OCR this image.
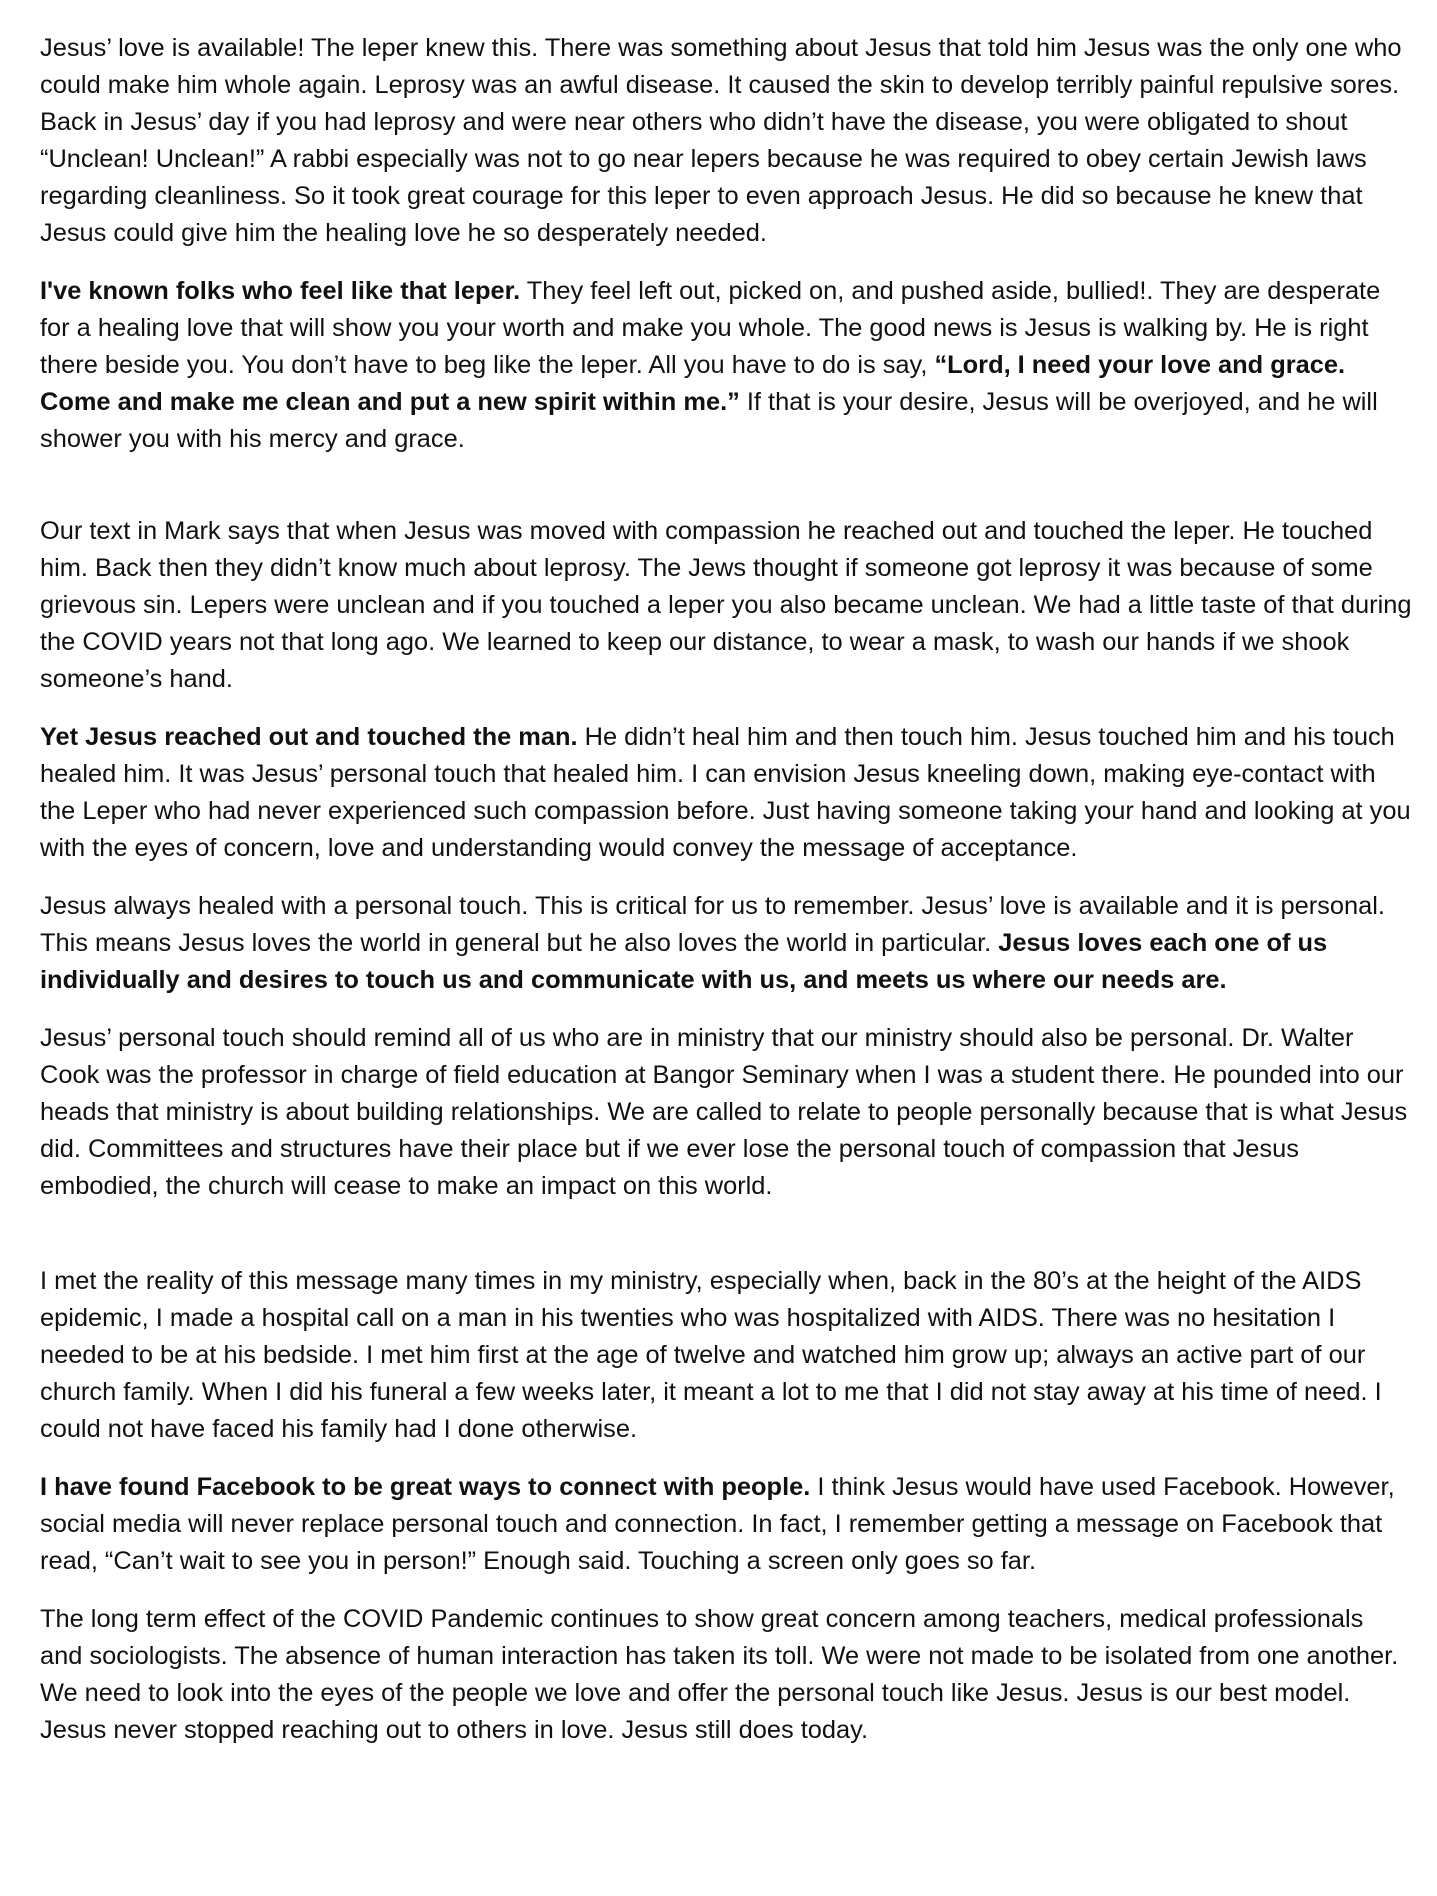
Jesus’ love is available! The leper knew this. There was something about Jesus that told him Jesus was the only one who could make him whole again. Leprosy was an awful disease. It caused the skin to develop terribly painful repulsive sores. Back in Jesus’ day if you had leprosy and were near others who didn’t have the disease, you were obligated to shout “Unclean! Unclean!” A rabbi especially was not to go near lepers because he was required to obey certain Jewish laws regarding cleanliness. So it took great courage for this leper to even approach Jesus. He did so because he knew that Jesus could give him the healing love he so desperately needed.

I've known folks who feel like that leper. They feel left out, picked on, and pushed aside, bullied!. They are desperate for a healing love that will show you your worth and make you whole. The good news is Jesus is walking by. He is right there beside you. You don’t have to beg like the leper. All you have to do is say, “Lord, I need your love and grace. Come and make me clean and put a new spirit within me.” If that is your desire, Jesus will be overjoyed, and he will shower you with his mercy and grace.

Our text in Mark says that when Jesus was moved with compassion he reached out and touched the leper. He touched him. Back then they didn’t know much about leprosy. The Jews thought if someone got leprosy it was because of some grievous sin. Lepers were unclean and if you touched a leper you also became unclean. We had a little taste of that during the COVID years not that long ago. We learned to keep our distance, to wear a mask, to wash our hands if we shook someone’s hand.

Yet Jesus reached out and touched the man. He didn’t heal him and then touch him. Jesus touched him and his touch healed him. It was Jesus’ personal touch that healed him. I can envision Jesus kneeling down, making eye-contact with the Leper who had never experienced such compassion before. Just having someone taking your hand and looking at you with the eyes of concern, love and understanding would convey the message of acceptance.

Jesus always healed with a personal touch. This is critical for us to remember. Jesus’ love is available and it is personal. This means Jesus loves the world in general but he also loves the world in particular. Jesus loves each one of us individually and desires to touch us and communicate with us, and meets us where our needs are.

Jesus’ personal touch should remind all of us who are in ministry that our ministry should also be personal. Dr. Walter Cook was the professor in charge of field education at Bangor Seminary when I was a student there. He pounded into our heads that ministry is about building relationships. We are called to relate to people personally because that is what Jesus did. Committees and structures have their place but if we ever lose the personal touch of compassion that Jesus embodied, the church will cease to make an impact on this world.

I met the reality of this message many times in my ministry, especially when, back in the 80’s at the height of the AIDS epidemic, I made a hospital call on a man in his twenties who was hospitalized with AIDS. There was no hesitation I needed to be at his bedside. I met him first at the age of twelve and watched him grow up; always an active part of our church family. When I did his funeral a few weeks later, it meant a lot to me that I did not stay away at his time of need. I could not have faced his family had I done otherwise.

I have found Facebook to be great ways to connect with people. I think Jesus would have used Facebook. However, social media will never replace personal touch and connection. In fact, I remember getting a message on Facebook that read, “Can’t wait to see you in person!” Enough said. Touching a screen only goes so far.

The long term effect of the COVID Pandemic continues to show great concern among teachers, medical professionals and sociologists. The absence of human interaction has taken its toll. We were not made to be isolated from one another. We need to look into the eyes of the people we love and offer the personal touch like Jesus. Jesus is our best model. Jesus never stopped reaching out to others in love. Jesus still does today.
